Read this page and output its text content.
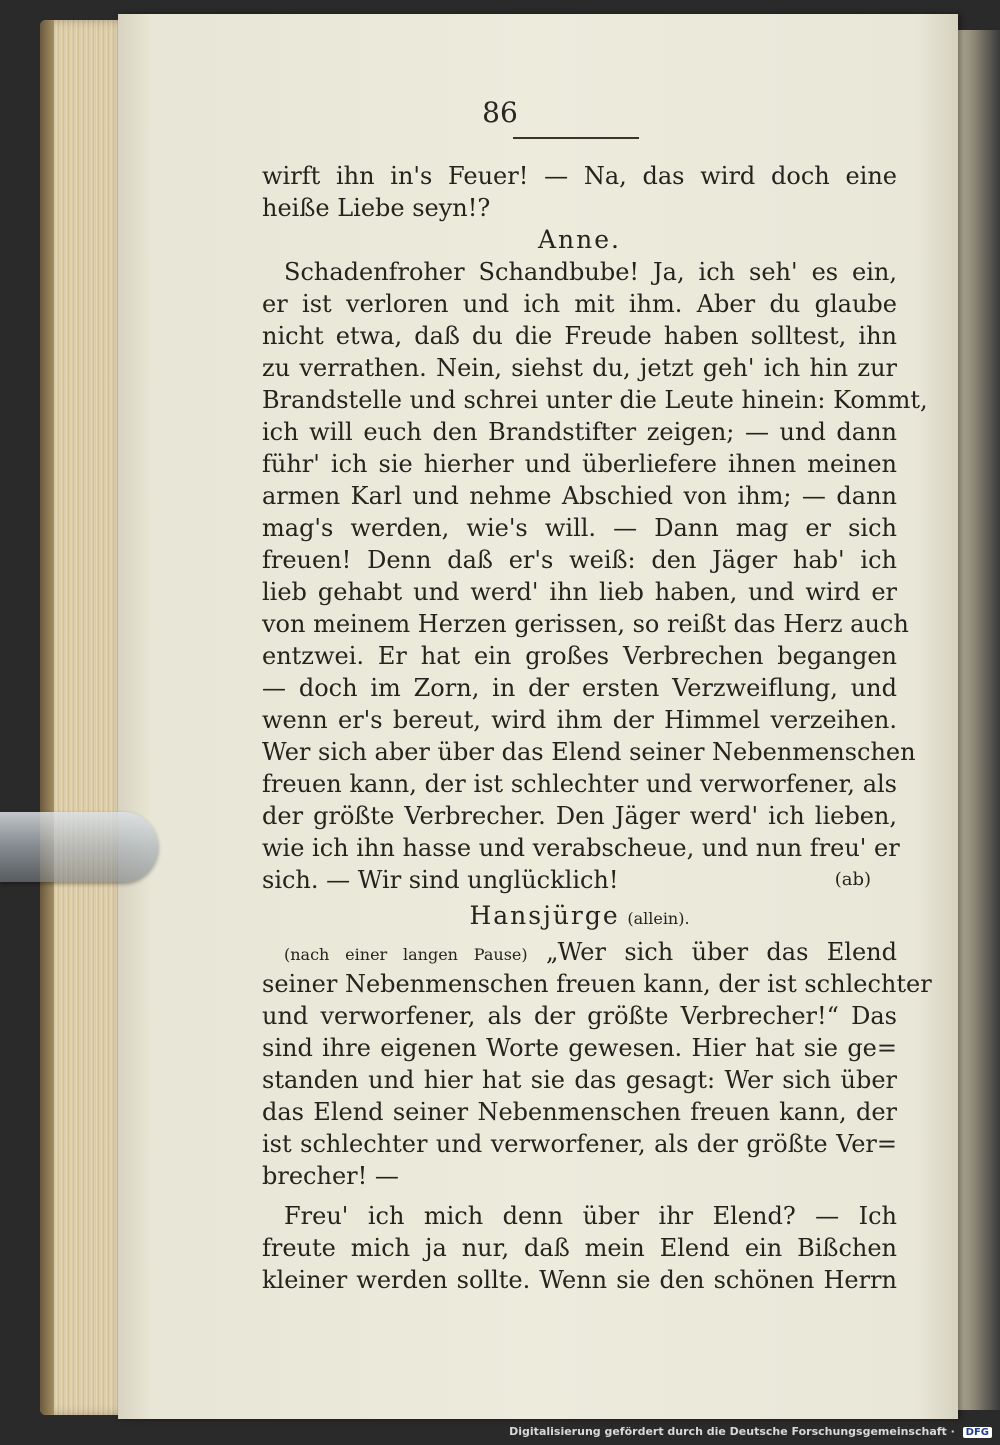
86
wirft ihn in's Feuer! — Na, das wird doch eine
heiße Liebe seyn!?
Anne.
Schadenfroher Schandbube! Ja, ich seh' es ein,
er ist verloren und ich mit ihm. Aber du glaube
nicht etwa, daß du die Freude haben solltest, ihn
zu verrathen. Nein, siehst du, jetzt geh' ich hin zur
Brandstelle und schrei unter die Leute hinein: Kommt,
ich will euch den Brandstifter zeigen; — und dann
führ' ich sie hierher und überliefere ihnen meinen
armen Karl und nehme Abschied von ihm; — dann
mag's werden, wie's will. — Dann mag er sich
freuen! Denn daß er's weiß: den Jäger hab' ich
lieb gehabt und werd' ihn lieb haben, und wird er
von meinem Herzen gerissen, so reißt das Herz auch
entzwei. Er hat ein großes Verbrechen begangen
— doch im Zorn, in der ersten Verzweiflung, und
wenn er's bereut, wird ihm der Himmel verzeihen.
Wer sich aber über das Elend seiner Nebenmenschen
freuen kann, der ist schlechter und verworfener, als
der größte Verbrecher. Den Jäger werd' ich lieben,
wie ich ihn hasse und verabscheue, und nun freu' er
sich. — Wir sind unglücklich!	(ab)
Hansjürge (allein).
(nach einer langen Pause) „Wer sich über das Elend
seiner Nebenmenschen freuen kann, der ist schlechter
und verworfener, als der größte Verbrecher!“ Das
sind ihre eigenen Worte gewesen. Hier hat sie ge=
standen und hier hat sie das gesagt: Wer sich über
das Elend seiner Nebenmenschen freuen kann, der
ist schlechter und verworfener, als der größte Ver=
brecher! —
Freu' ich mich denn über ihr Elend? — Ich
freute mich ja nur, daß mein Elend ein Bißchen
kleiner werden sollte. Wenn sie den schönen Herrn
Digitalisierung gefördert durch die Deutsche Forschungsgemeinschaft · DFG
